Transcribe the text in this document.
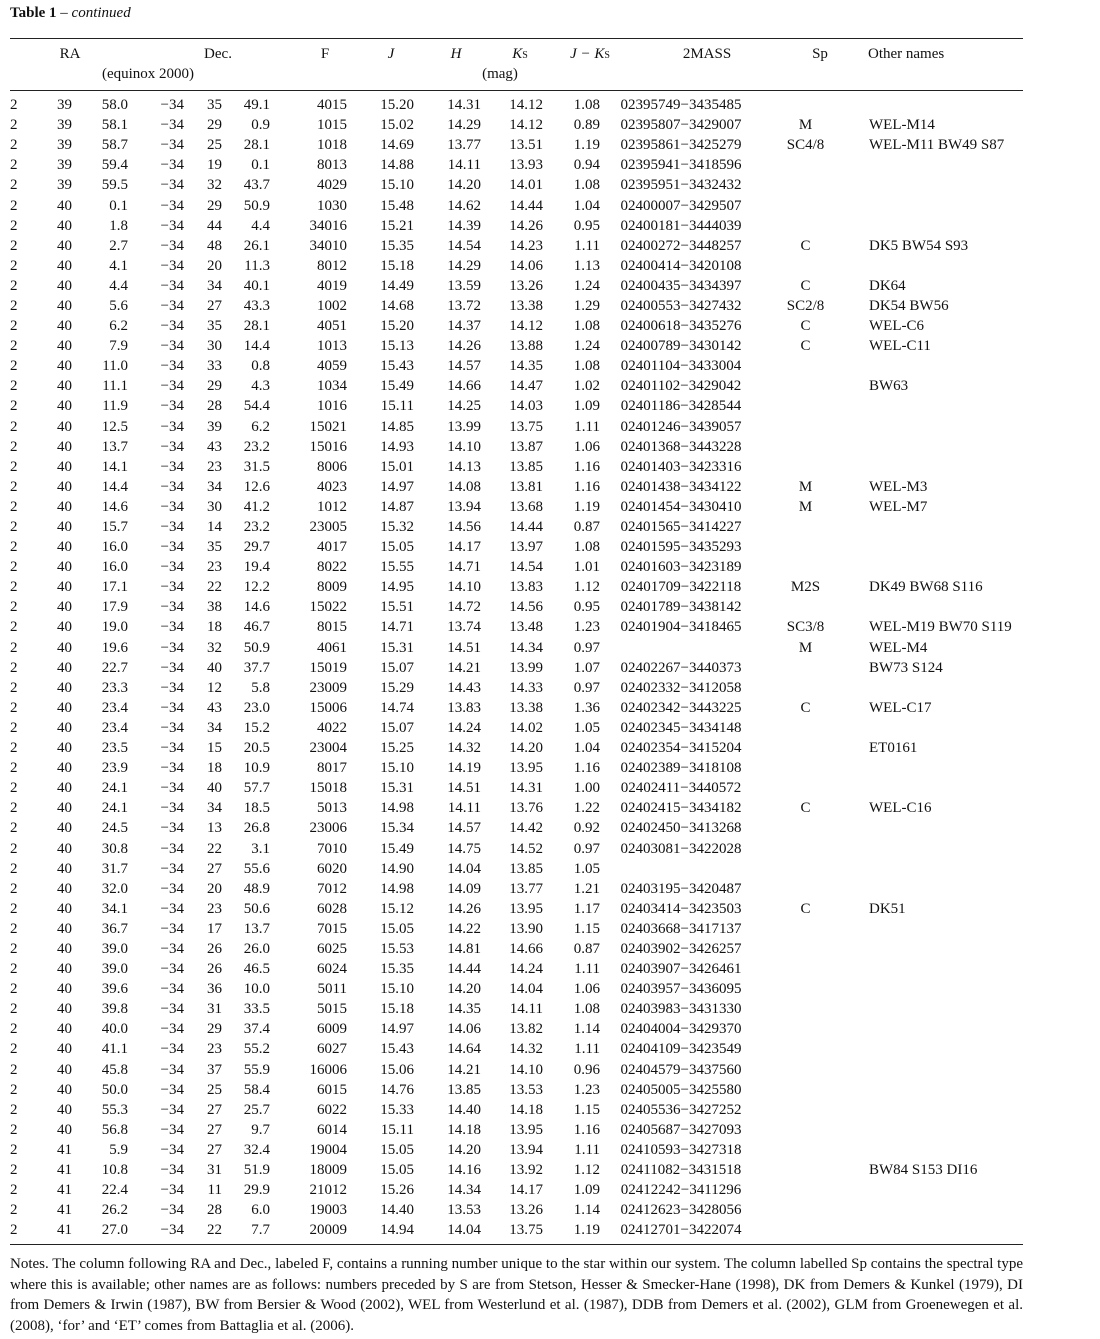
Table 1 – continued
RA
(equinox 2000)
Dec.	F	J	H	KS
(mag)
J − KS	2MASS	Sp	Other names
2	39	58.0	−34	35	49.1	4015	15.20	14.31	14.12	1.08	02395749−3435485		
2	39	58.1	−34	29	0.9	1015	15.02	14.29	14.12	0.89	02395807−3429007	M	WEL-M14
2	39	58.7	−34	25	28.1	1018	14.69	13.77	13.51	1.19	02395861−3425279	SC4/8	WEL-M11 BW49 S87
2	39	59.4	−34	19	0.1	8013	14.88	14.11	13.93	0.94	02395941−3418596		
2	39	59.5	−34	32	43.7	4029	15.10	14.20	14.01	1.08	02395951−3432432		
2	40	0.1	−34	29	50.9	1030	15.48	14.62	14.44	1.04	02400007−3429507		
2	40	1.8	−34	44	4.4	34016	15.21	14.39	14.26	0.95	02400181−3444039		
2	40	2.7	−34	48	26.1	34010	15.35	14.54	14.23	1.11	02400272−3448257	C	DK5 BW54 S93
2	40	4.1	−34	20	11.3	8012	15.18	14.29	14.06	1.13	02400414−3420108		
2	40	4.4	−34	34	40.1	4019	14.49	13.59	13.26	1.24	02400435−3434397	C	DK64
2	40	5.6	−34	27	43.3	1002	14.68	13.72	13.38	1.29	02400553−3427432	SC2/8	DK54 BW56
2	40	6.2	−34	35	28.1	4051	15.20	14.37	14.12	1.08	02400618−3435276	C	WEL-C6
2	40	7.9	−34	30	14.4	1013	15.13	14.26	13.88	1.24	02400789−3430142	C	WEL-C11
2	40	11.0	−34	33	0.8	4059	15.43	14.57	14.35	1.08	02401104−3433004		
2	40	11.1	−34	29	4.3	1034	15.49	14.66	14.47	1.02	02401102−3429042		BW63
2	40	11.9	−34	28	54.4	1016	15.11	14.25	14.03	1.09	02401186−3428544		
2	40	12.5	−34	39	6.2	15021	14.85	13.99	13.75	1.11	02401246−3439057		
2	40	13.7	−34	43	23.2	15016	14.93	14.10	13.87	1.06	02401368−3443228		
2	40	14.1	−34	23	31.5	8006	15.01	14.13	13.85	1.16	02401403−3423316		
2	40	14.4	−34	34	12.6	4023	14.97	14.08	13.81	1.16	02401438−3434122	M	WEL-M3
2	40	14.6	−34	30	41.2	1012	14.87	13.94	13.68	1.19	02401454−3430410	M	WEL-M7
2	40	15.7	−34	14	23.2	23005	15.32	14.56	14.44	0.87	02401565−3414227		
2	40	16.0	−34	35	29.7	4017	15.05	14.17	13.97	1.08	02401595−3435293		
2	40	16.0	−34	23	19.4	8022	15.55	14.71	14.54	1.01	02401603−3423189		
2	40	17.1	−34	22	12.2	8009	14.95	14.10	13.83	1.12	02401709−3422118	M2S	DK49 BW68 S116
2	40	17.9	−34	38	14.6	15022	15.51	14.72	14.56	0.95	02401789−3438142		
2	40	19.0	−34	18	46.7	8015	14.71	13.74	13.48	1.23	02401904−3418465	SC3/8	WEL-M19 BW70 S119
2	40	19.6	−34	32	50.9	4061	15.31	14.51	14.34	0.97		M	WEL-M4
2	40	22.7	−34	40	37.7	15019	15.07	14.21	13.99	1.07	02402267−3440373		BW73 S124
2	40	23.3	−34	12	5.8	23009	15.29	14.43	14.33	0.97	02402332−3412058		
2	40	23.4	−34	43	23.0	15006	14.74	13.83	13.38	1.36	02402342−3443225	C	WEL-C17
2	40	23.4	−34	34	15.2	4022	15.07	14.24	14.02	1.05	02402345−3434148		
2	40	23.5	−34	15	20.5	23004	15.25	14.32	14.20	1.04	02402354−3415204		ET0161
2	40	23.9	−34	18	10.9	8017	15.10	14.19	13.95	1.16	02402389−3418108		
2	40	24.1	−34	40	57.7	15018	15.31	14.51	14.31	1.00	02402411−3440572		
2	40	24.1	−34	34	18.5	5013	14.98	14.11	13.76	1.22	02402415−3434182	C	WEL-C16
2	40	24.5	−34	13	26.8	23006	15.34	14.57	14.42	0.92	02402450−3413268		
2	40	30.8	−34	22	3.1	7010	15.49	14.75	14.52	0.97	02403081−3422028		
2	40	31.7	−34	27	55.6	6020	14.90	14.04	13.85	1.05			
2	40	32.0	−34	20	48.9	7012	14.98	14.09	13.77	1.21	02403195−3420487		
2	40	34.1	−34	23	50.6	6028	15.12	14.26	13.95	1.17	02403414−3423503	C	DK51
2	40	36.7	−34	17	13.7	7015	15.05	14.22	13.90	1.15	02403668−3417137		
2	40	39.0	−34	26	26.0	6025	15.53	14.81	14.66	0.87	02403902−3426257		
2	40	39.0	−34	26	46.5	6024	15.35	14.44	14.24	1.11	02403907−3426461		
2	40	39.6	−34	36	10.0	5011	15.10	14.20	14.04	1.06	02403957−3436095		
2	40	39.8	−34	31	33.5	5015	15.18	14.35	14.11	1.08	02403983−3431330		
2	40	40.0	−34	29	37.4	6009	14.97	14.06	13.82	1.14	02404004−3429370		
2	40	41.1	−34	23	55.2	6027	15.43	14.64	14.32	1.11	02404109−3423549		
2	40	45.8	−34	37	55.9	16006	15.06	14.21	14.10	0.96	02404579−3437560		
2	40	50.0	−34	25	58.4	6015	14.76	13.85	13.53	1.23	02405005−3425580		
2	40	55.3	−34	27	25.7	6022	15.33	14.40	14.18	1.15	02405536−3427252		
2	40	56.8	−34	27	9.7	6014	15.11	14.18	13.95	1.16	02405687−3427093		
2	41	5.9	−34	27	32.4	19004	15.05	14.20	13.94	1.11	02410593−3427318		
2	41	10.8	−34	31	51.9	18009	15.05	14.16	13.92	1.12	02411082−3431518		BW84 S153 DI16
2	41	22.4	−34	11	29.9	21012	15.26	14.34	14.17	1.09	02412242−3411296		
2	41	26.2	−34	28	6.0	19003	14.40	13.53	13.26	1.14	02412623−3428056		
2	41	27.0	−34	22	7.7	20009	14.94	14.04	13.75	1.19	02412701−3422074		
Notes. The column following RA and Dec., labeled F, contains a running number unique to the star within our system. The column labelled Sp contains the spectral type where this is available; other names are as follows: numbers preceded by S are from Stetson, Hesser & Smecker-Hane (1998), DK from Demers & Kunkel (1979), DI from Demers & Irwin (1987), BW from Bersier & Wood (2002), WEL from Westerlund et al. (1987), DDB from Demers et al. (2002), GLM from Groenewegen et al. (2008), ‘for’ and ‘ET’ comes from Battaglia et al. (2006).
